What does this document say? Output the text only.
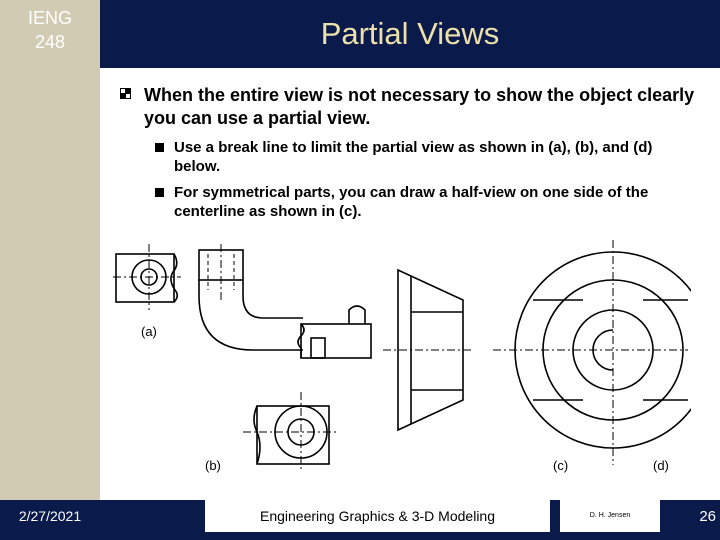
IENG
248	Partial Views
When the entire view is not necessary to show the object clearly you can use a partial view.
Use a break line to limit the partial view as shown in (a), (b), and (d) below.
For symmetrical parts, you can draw a half-view on one side of the centerline as shown in (c).
(a)
(b)	(c)	(d)
2/27/2021	Engineering Graphics & 3-D Modeling	D. H. Jensen	26
